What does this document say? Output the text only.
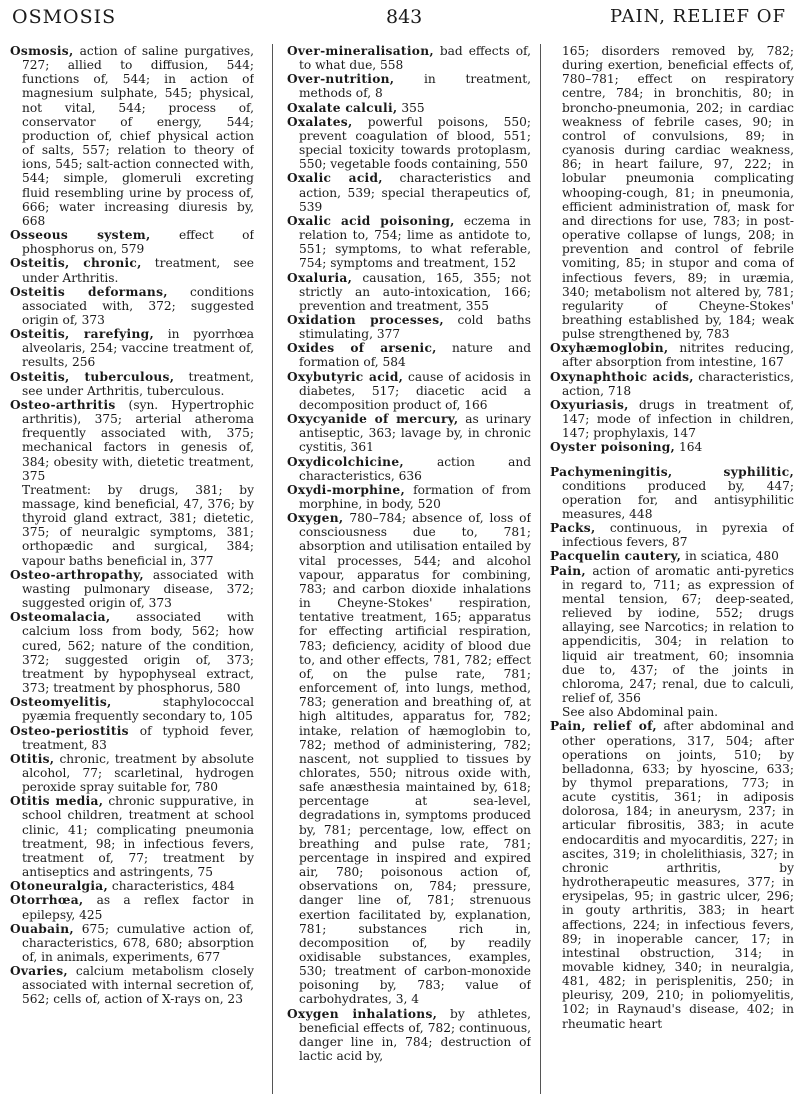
OSMOSIS	843	PAIN, RELIEF OF

Osmosis, action of saline purgatives, 727; allied to diffusion, 544; functions of, 544; in action of magnesium sulphate, 545; physical, not vital, 544; process of, conservator of energy, 544; production of, chief physical action of salts, 557; relation to theory of ions, 545; salt-action connected with, 544; simple, glomeruli excreting fluid resembling urine by process of, 666; water increasing diuresis by, 668

Osseous system, effect of phosphorus on, 579

Osteitis, chronic, treatment, see under Arthritis.

Osteitis deformans, conditions associated with, 372; suggested origin of, 373

Osteitis, rarefying, in pyorrhœa alveolaris, 254; vaccine treatment of, results, 256

Osteitis, tuberculous, treatment, see under Arthritis, tuberculous.

Osteo-arthritis (syn. Hypertrophic arthritis), 375; arterial atheroma frequently associated with, 375; mechanical factors in genesis of, 384; obesity with, dietetic treatment, 375

Treatment: by drugs, 381; by massage, kind beneficial, 47, 376; by thyroid gland extract, 381; dietetic, 375; of neuralgic symptoms, 381; orthopædic and surgical, 384; vapour baths beneficial in, 377

Osteo-arthropathy, associated with wasting pulmonary disease, 372; suggested origin of, 373

Osteomalacia, associated with calcium loss from body, 562; how cured, 562; nature of the condition, 372; suggested origin of, 373; treatment by hypophyseal extract, 373; treatment by phosphorus, 580

Osteomyelitis, staphylococcal pyæmia frequently secondary to, 105

Osteo-periostitis of typhoid fever, treatment, 83

Otitis, chronic, treatment by absolute alcohol, 77; scarletinal, hydrogen peroxide spray suitable for, 780

Otitis media, chronic suppurative, in school children, treatment at school clinic, 41; complicating pneumonia treatment, 98; in infectious fevers, treatment of, 77; treatment by antiseptics and astringents, 75

Otoneuralgia, characteristics, 484

Otorrhœa, as a reflex factor in epilepsy, 425

Ouabain, 675; cumulative action of, characteristics, 678, 680; absorption of, in animals, experiments, 677

Ovaries, calcium metabolism closely associated with internal secretion of, 562; cells of, action of X-rays on, 23

Over-mineralisation, bad effects of, to what due, 558

Over-nutrition, in treatment, methods of, 8

Oxalate calculi, 355

Oxalates, powerful poisons, 550; prevent coagulation of blood, 551; special toxicity towards protoplasm, 550; vegetable foods containing, 550

Oxalic acid, characteristics and action, 539; special therapeutics of, 539

Oxalic acid poisoning, eczema in relation to, 754; lime as antidote to, 551; symptoms, to what referable, 754; symptoms and treatment, 152

Oxaluria, causation, 165, 355; not strictly an auto-intoxication, 166; prevention and treatment, 355

Oxidation processes, cold baths stimulating, 377

Oxides of arsenic, nature and formation of, 584

Oxybutyric acid, cause of acidosis in diabetes, 517; diacetic acid a decomposition product of, 166

Oxycyanide of mercury, as urinary antiseptic, 363; lavage by, in chronic cystitis, 361

Oxydicolchicine, action and characteristics, 636

Oxydi-morphine, formation of from morphine, in body, 520

Oxygen, 780–784; absence of, loss of consciousness due to, 781; absorption and utilisation entailed by vital processes, 544; and alcohol vapour, apparatus for combining, 783; and carbon dioxide inhalations in Cheyne-Stokes' respiration, tentative treatment, 165; apparatus for effecting artificial respiration, 783; deficiency, acidity of blood due to, and other effects, 781, 782; effect of, on the pulse rate, 781; enforcement of, into lungs, method, 783; generation and breathing of, at high altitudes, apparatus for, 782; intake, relation of hæmoglobin to, 782; method of administering, 782; nascent, not supplied to tissues by chlorates, 550; nitrous oxide with, safe anæsthesia maintained by, 618; percentage at sea-level, degradations in, symptoms produced by, 781; percentage, low, effect on breathing and pulse rate, 781; percentage in inspired and expired air, 780; poisonous action of, observations on, 784; pressure, danger line of, 781; strenuous exertion facilitated by, explanation, 781; substances rich in, decomposition of, by readily oxidisable substances, examples, 530; treatment of carbon-monoxide poisoning by, 783; value of carbohydrates, 3, 4

Oxygen inhalations, by athletes, beneficial effects of, 782; continuous, danger line in, 784; destruction of lactic acid by,

165; disorders removed by, 782; during exertion, beneficial effects of, 780–781; effect on respiratory centre, 784; in bronchitis, 80; in broncho-pneumonia, 202; in cardiac weakness of febrile cases, 90; in control of convulsions, 89; in cyanosis during cardiac weakness, 86; in heart failure, 97, 222; in lobular pneumonia complicating whooping-cough, 81; in pneumonia, efficient administration of, mask for and directions for use, 783; in post-operative collapse of lungs, 208; in prevention and control of febrile vomiting, 85; in stupor and coma of infectious fevers, 89; in uræmia, 340; metabolism not altered by, 781; regularity of Cheyne-Stokes' breathing established by, 184; weak pulse strengthened by, 783

Oxyhæmoglobin, nitrites reducing, after absorption from intestine, 167

Oxynaphthoic acids, characteristics, action, 718

Oxyuriasis, drugs in treatment of, 147; mode of infection in children, 147; prophylaxis, 147

Oyster poisoning, 164

Pachymeningitis, syphilitic, conditions produced by, 447; operation for, and antisyphilitic measures, 448

Packs, continuous, in pyrexia of infectious fevers, 87

Pacquelin cautery, in sciatica, 480

Pain, action of aromatic anti-pyretics in regard to, 711; as expression of mental tension, 67; deep-seated, relieved by iodine, 552; drugs allaying, see Narcotics; in relation to appendicitis, 304; in relation to liquid air treatment, 60; insomnia due to, 437; of the joints in chloroma, 247; renal, due to calculi, relief of, 356

See also Abdominal pain.

Pain, relief of, after abdominal and other operations, 317, 504; after operations on joints, 510; by belladonna, 633; by hyoscine, 633; by thymol preparations, 773; in acute cystitis, 361; in adiposis dolorosa, 184; in aneurysm, 237; in articular fibrositis, 383; in acute endocarditis and myocarditis, 227; in ascites, 319; in cholelithiasis, 327; in chronic arthritis, by hydrotherapeutic measures, 377; in erysipelas, 95; in gastric ulcer, 296; in gouty arthritis, 383; in heart affections, 224; in infectious fevers, 89; in inoperable cancer, 17; in intestinal obstruction, 314; in movable kidney, 340; in neuralgia, 481, 482; in perisplenitis, 250; in pleurisy, 209, 210; in poliomyelitis, 102; in Raynaud's disease, 402; in rheumatic heart
